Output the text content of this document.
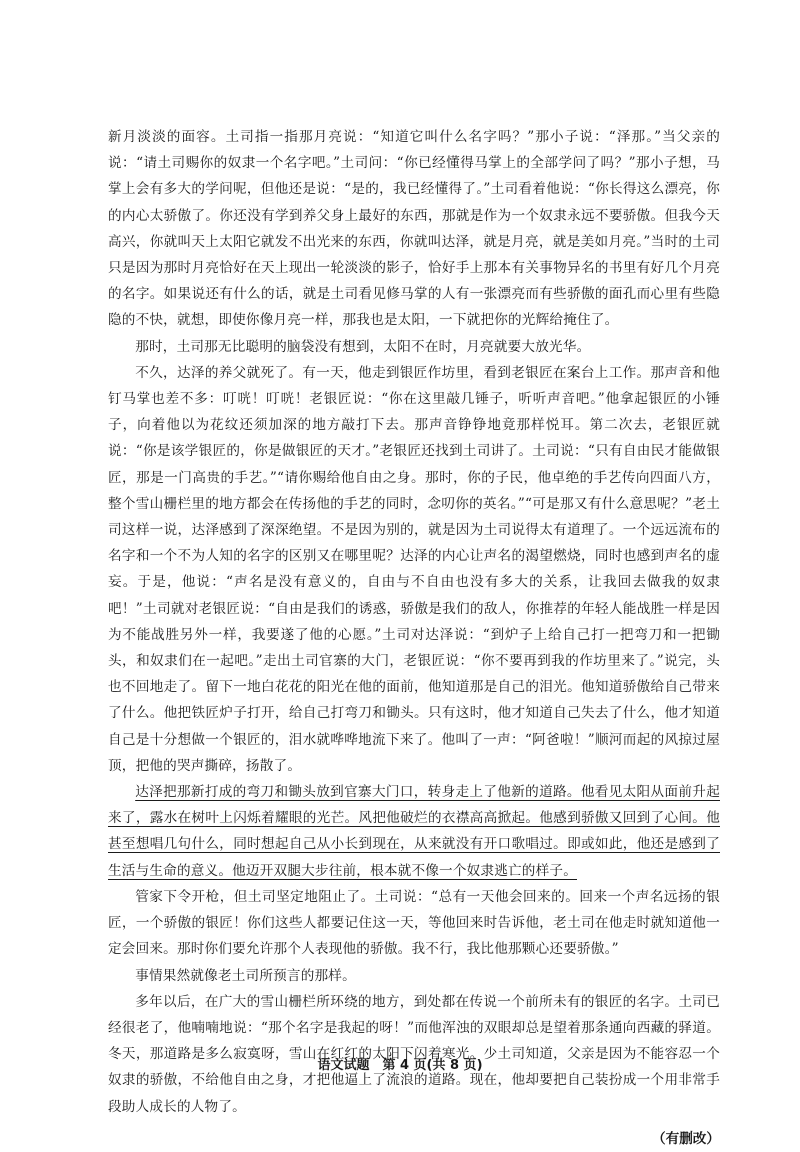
新月淡淡的面容。土司指一指那月亮说：“知道它叫什么名字吗？”那小子说：“泽那。”当父亲的说：“请土司赐你的奴隶一个名字吧。”土司问：“你已经懂得马掌上的全部学问了吗？”那小子想，马掌上会有多大的学问呢，但他还是说：“是的，我已经懂得了。”土司看着他说：“你长得这么漂亮，你的内心太骄傲了。你还没有学到养父身上最好的东西，那就是作为一个奴隶永远不要骄傲。但我今天高兴，你就叫天上太阳它就发不出光来的东西，你就叫达泽，就是月亮，就是美如月亮。”当时的土司只是因为那时月亮恰好在天上现出一轮淡淡的影子，恰好手上那本有关事物异名的书里有好几个月亮的名字。如果说还有什么的话，就是土司看见修马掌的人有一张漂亮而有些骄傲的面孔而心里有些隐隐的不快，就想，即使你像月亮一样，那我也是太阳，一下就把你的光辉给掩住了。

那时，土司那无比聪明的脑袋没有想到，太阳不在时，月亮就要大放光华。

不久，达泽的养父就死了。有一天，他走到银匠作坊里，看到老银匠在案台上工作。那声音和他钉马掌也差不多：叮咣！叮咣！老银匠说：“你在这里敲几锤子，听听声音吧。”他拿起银匠的小锤子，向着他以为花纹还须加深的地方敲打下去。那声音铮铮地竟那样悦耳。第二次去，老银匠就说：“你是该学银匠的，你是做银匠的天才。”老银匠还找到土司讲了。土司说：“只有自由民才能做银匠，那是一门高贵的手艺。”“请你赐给他自由之身。那时，你的子民，他卓绝的手艺传向四面八方，整个雪山栅栏里的地方都会在传扬他的手艺的同时，念叨你的英名。”“可是那又有什么意思呢？”老土司这样一说，达泽感到了深深绝望。不是因为别的，就是因为土司说得太有道理了。一个远远流布的名字和一个不为人知的名字的区别又在哪里呢？达泽的内心让声名的渴望燃烧，同时也感到声名的虚妄。于是，他说：“声名是没有意义的，自由与不自由也没有多大的关系，让我回去做我的奴隶吧！”土司就对老银匠说：“自由是我们的诱惑，骄傲是我们的敌人，你推荐的年轻人能战胜一样是因为不能战胜另外一样，我要遂了他的心愿。”土司对达泽说：“到炉子上给自己打一把弯刀和一把锄头，和奴隶们在一起吧。”走出土司官寨的大门，老银匠说：“你不要再到我的作坊里来了。”说完，头也不回地走了。留下一地白花花的阳光在他的面前，他知道那是自己的泪光。他知道骄傲给自己带来了什么。他把铁匠炉子打开，给自己打弯刀和锄头。只有这时，他才知道自己失去了什么，他才知道自己是十分想做一个银匠的，泪水就哗哗地流下来了。他叫了一声：“阿爸啦！”顺河而起的风掠过屋顶，把他的哭声撕碎，扬散了。

达泽把那新打成的弯刀和锄头放到官寨大门口，转身走上了他新的道路。他看见太阳从面前升起来了，露水在树叶上闪烁着耀眼的光芒。风把他破烂的衣襟高高掀起。他感到骄傲又回到了心间。他甚至想唱几句什么，同时想起自己从小长到现在，从来就没有开口歌唱过。即或如此，他还是感到了生活与生命的意义。他迈开双腿大步往前，根本就不像一个奴隶逃亡的样子。

管家下令开枪，但土司坚定地阻止了。土司说：“总有一天他会回来的。回来一个声名远扬的银匠，一个骄傲的银匠！你们这些人都要记住这一天，等他回来时告诉他，老土司在他走时就知道他一定会回来。那时你们要允许那个人表现他的骄傲。我不行，我比他那颗心还要骄傲。”

事情果然就像老土司所预言的那样。

多年以后，在广大的雪山栅栏所环绕的地方，到处都在传说一个前所未有的银匠的名字。土司已经很老了，他喃喃地说：“那个名字是我起的呀！”而他浑浊的双眼却总是望着那条通向西藏的驿道。冬天，那道路是多么寂寞呀，雪山在红红的太阳下闪着寒光。少土司知道，父亲是因为不能容忍一个奴隶的骄傲，不给他自由之身，才把他逼上了流浪的道路。现在，他却要把自己装扮成一个用非常手段助人成长的人物了。

（有删改）

语文试题　第 4 页(共 8 页)
